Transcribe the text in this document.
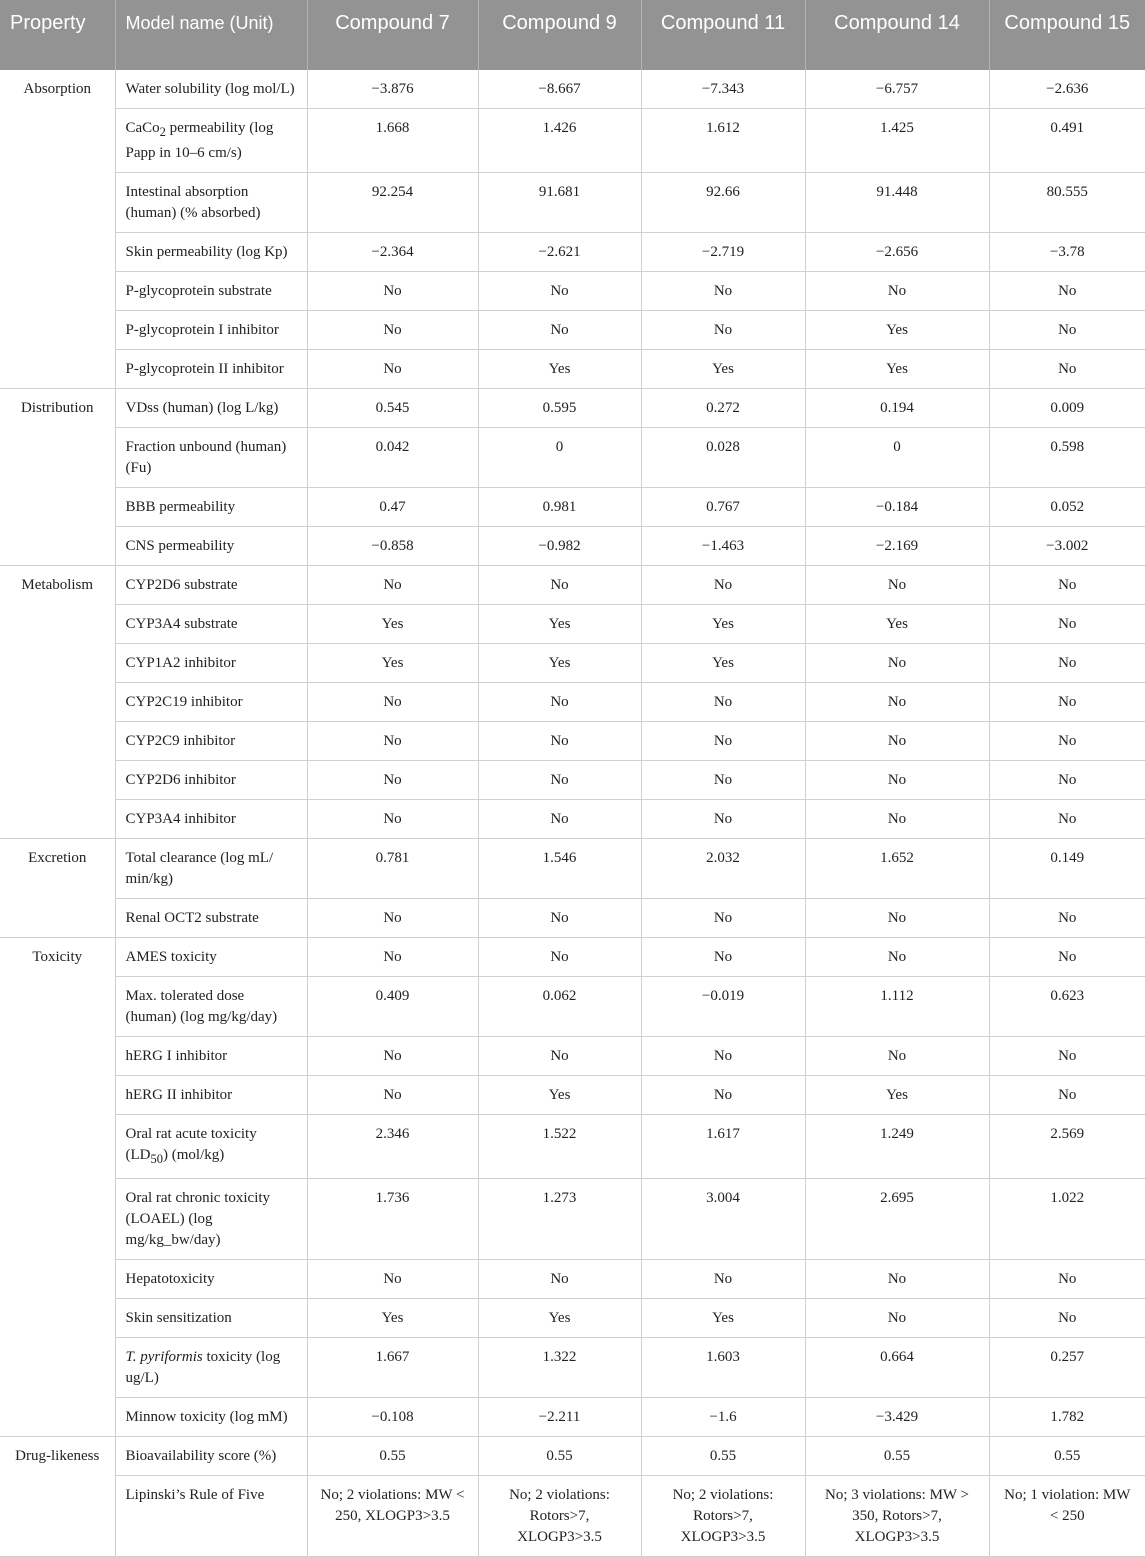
Property	Model name (Unit)	Compound 7	Compound 9	Compound 11	Compound 14	Compound 15
Absorption	Water solubility (log mol/L)	−3.876	−8.667	−7.343	−6.757	−2.636
	CaCo$_2$ permeability (log Papp in 10–6 cm/s)	1.668	1.426	1.612	1.425	0.491
	Intestinal absorption (human) (% absorbed)	92.254	91.681	92.66	91.448	80.555
	Skin permeability (log Kp)	−2.364	−2.621	−2.719	−2.656	−3.78
	P-glycoprotein substrate	No	No	No	No	No
	P-glycoprotein I inhibitor	No	No	No	Yes	No
	P-glycoprotein II inhibitor	No	Yes	Yes	Yes	No
Distribution	VDss (human) (log L/kg)	0.545	0.595	0.272	0.194	0.009
	Fraction unbound (human) (Fu)	0.042	0	0.028	0	0.598
	BBB permeability	0.47	0.981	0.767	−0.184	0.052
	CNS permeability	−0.858	−0.982	−1.463	−2.169	−3.002
Metabolism	CYP2D6 substrate	No	No	No	No	No
	CYP3A4 substrate	Yes	Yes	Yes	Yes	No
	CYP1A2 inhibitor	Yes	Yes	Yes	No	No
	CYP2C19 inhibitor	No	No	No	No	No
	CYP2C9 inhibitor	No	No	No	No	No
	CYP2D6 inhibitor	No	No	No	No	No
	CYP3A4 inhibitor	No	No	No	No	No
Excretion	Total clearance (log mL/ min/kg)	0.781	1.546	2.032	1.652	0.149
	Renal OCT2 substrate	No	No	No	No	No
Toxicity	AMES toxicity	No	No	No	No	No
	Max. tolerated dose (human) (log mg/kg/day)	0.409	0.062	−0.019	1.112	0.623
	hERG I inhibitor	No	No	No	No	No
	hERG II inhibitor	No	Yes	No	Yes	No
	Oral rat acute toxicity $(LD_{50})$ (mol/kg)	2.346	1.522	1.617	1.249	2.569
	Oral rat chronic toxicity (LOAEL) (log mg/kg_bw/day)	1.736	1.273	3.004	2.695	1.022
	Hepatotoxicity	No	No	No	No	No
	Skin sensitization	Yes	Yes	Yes	No	No
	T. pyriformis toxicity (log ug/L)	1.667	1.322	1.603	0.664	0.257
	Minnow toxicity (log mM)	−0.108	−2.211	−1.6	−3.429	1.782
Drug-likeness	Bioavailability score (%)	0.55	0.55	0.55	0.55	0.55
	Lipinski’s Rule of Five	No; 2 violations: MW < 250, XLOGP3>3.5	No; 2 violations: Rotors>7, XLOGP3>3.5	No; 2 violations: Rotors>7, XLOGP3>3.5	No; 3 violations: MW > 350, Rotors>7, XLOGP3>3.5	No; 1 violation: MW < 250
